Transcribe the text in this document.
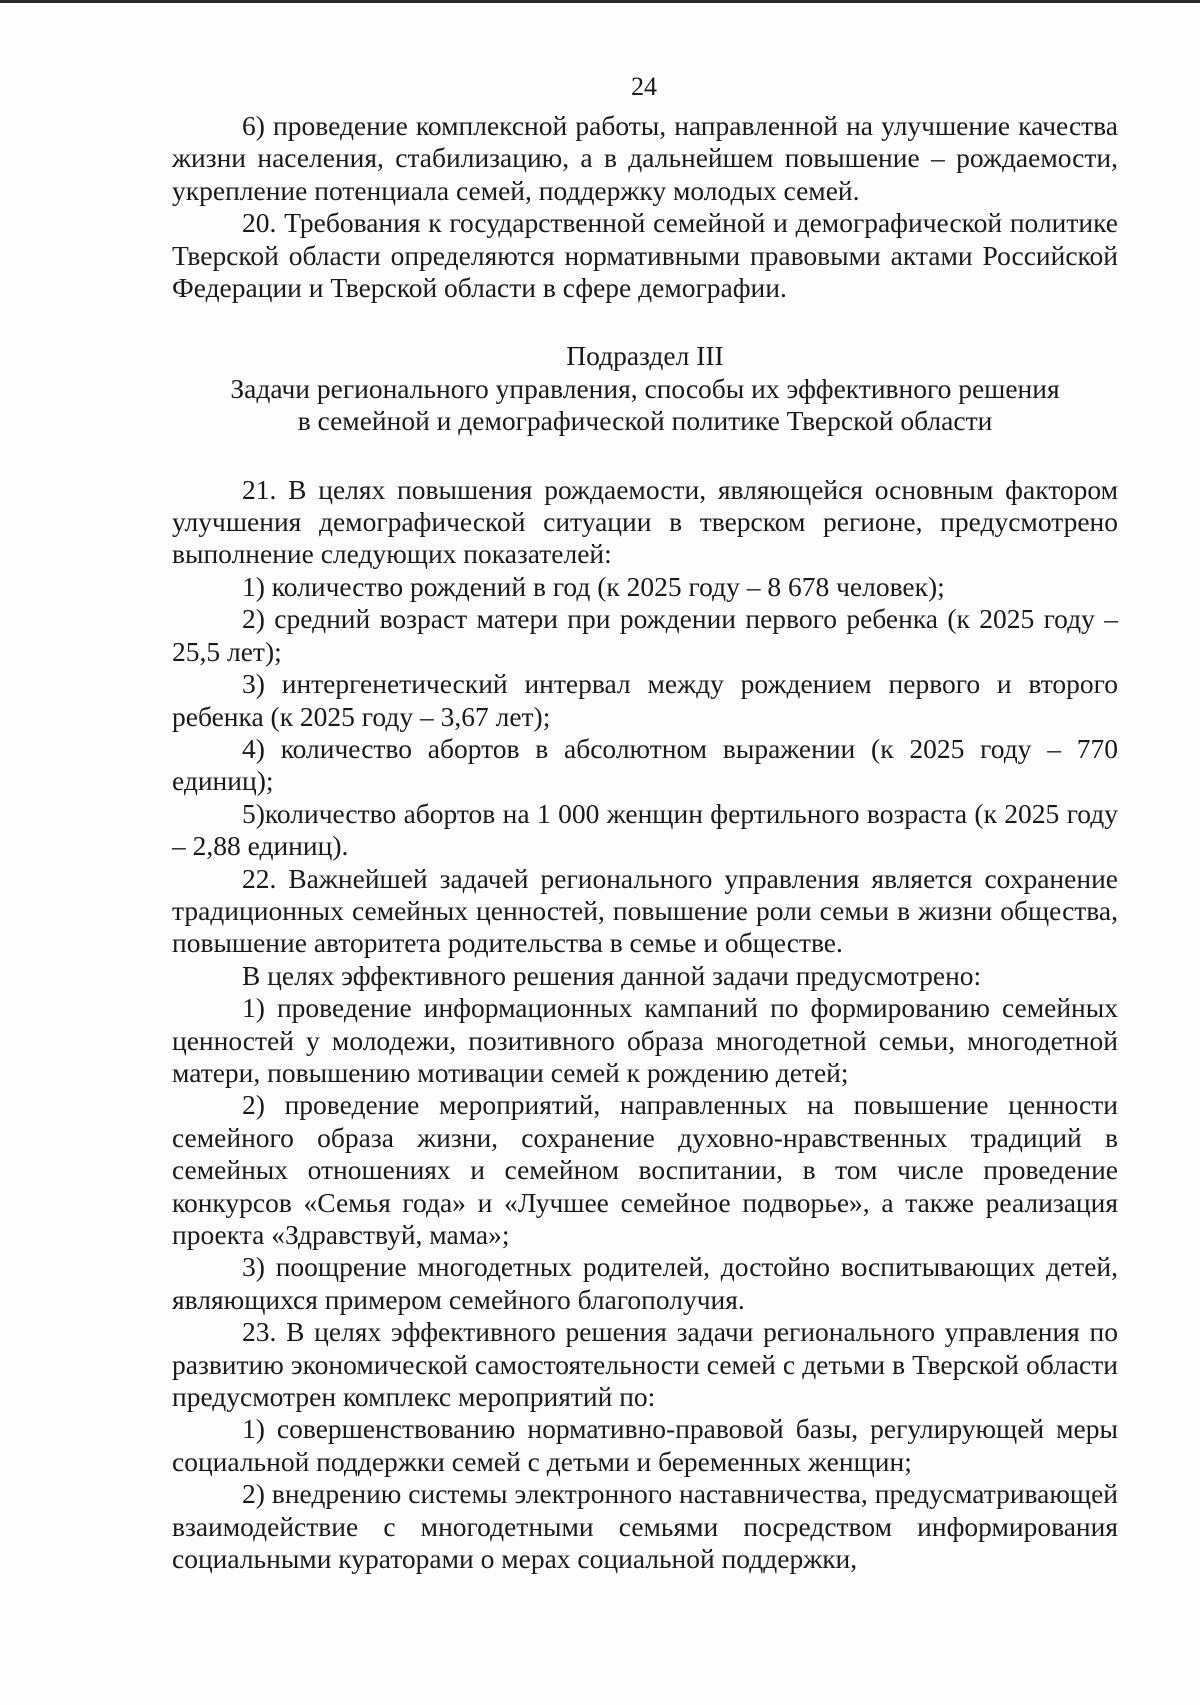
24

6) проведение комплексной работы, направленной на улучшение качества жизни населения, стабилизацию, а в дальнейшем повышение – рождаемости, укрепление потенциала семей, поддержку молодых семей.

20. Требования к государственной семейной и демографической политике Тверской области определяются нормативными правовыми актами Российской Федерации и Тверской области в сфере демографии.

Подраздел III
Задачи регионального управления, способы их эффективного решения
в семейной и демографической политике Тверской области

21. В целях повышения рождаемости, являющейся основным фактором улучшения демографической ситуации в тверском регионе, предусмотрено выполнение следующих показателей:

1) количество рождений в год (к 2025 году – 8 678 человек);

2) средний возраст матери при рождении первого ребенка (к 2025 году – 25,5 лет);

3) интергенетический интервал между рождением первого и второго ребенка (к 2025 году – 3,67 лет);

4) количество абортов в абсолютном выражении (к 2025 году – 770 единиц);

5)количество абортов на 1 000 женщин фертильного возраста (к 2025 году – 2,88 единиц).

22. Важнейшей задачей регионального управления является сохранение традиционных семейных ценностей, повышение роли семьи в жизни общества, повышение авторитета родительства в семье и обществе.

В целях эффективного решения данной задачи предусмотрено:

1) проведение информационных кампаний по формированию семейных ценностей у молодежи, позитивного образа многодетной семьи, многодетной матери, повышению мотивации семей к рождению детей;

2) проведение мероприятий, направленных на повышение ценности семейного образа жизни, сохранение духовно-нравственных традиций в семейных отношениях и семейном воспитании, в том числе проведение конкурсов «Семья года» и «Лучшее семейное подворье», а также реализация проекта «Здравствуй, мама»;

3) поощрение многодетных родителей, достойно воспитывающих детей, являющихся примером семейного благополучия.

23. В целях эффективного решения задачи регионального управления по развитию экономической самостоятельности семей с детьми в Тверской области предусмотрен комплекс мероприятий по:

1) совершенствованию нормативно-правовой базы, регулирующей меры социальной поддержки семей с детьми и беременных женщин;

2) внедрению системы электронного наставничества, предусматривающей взаимодействие с многодетными семьями посредством информирования социальными кураторами о мерах социальной поддержки,
